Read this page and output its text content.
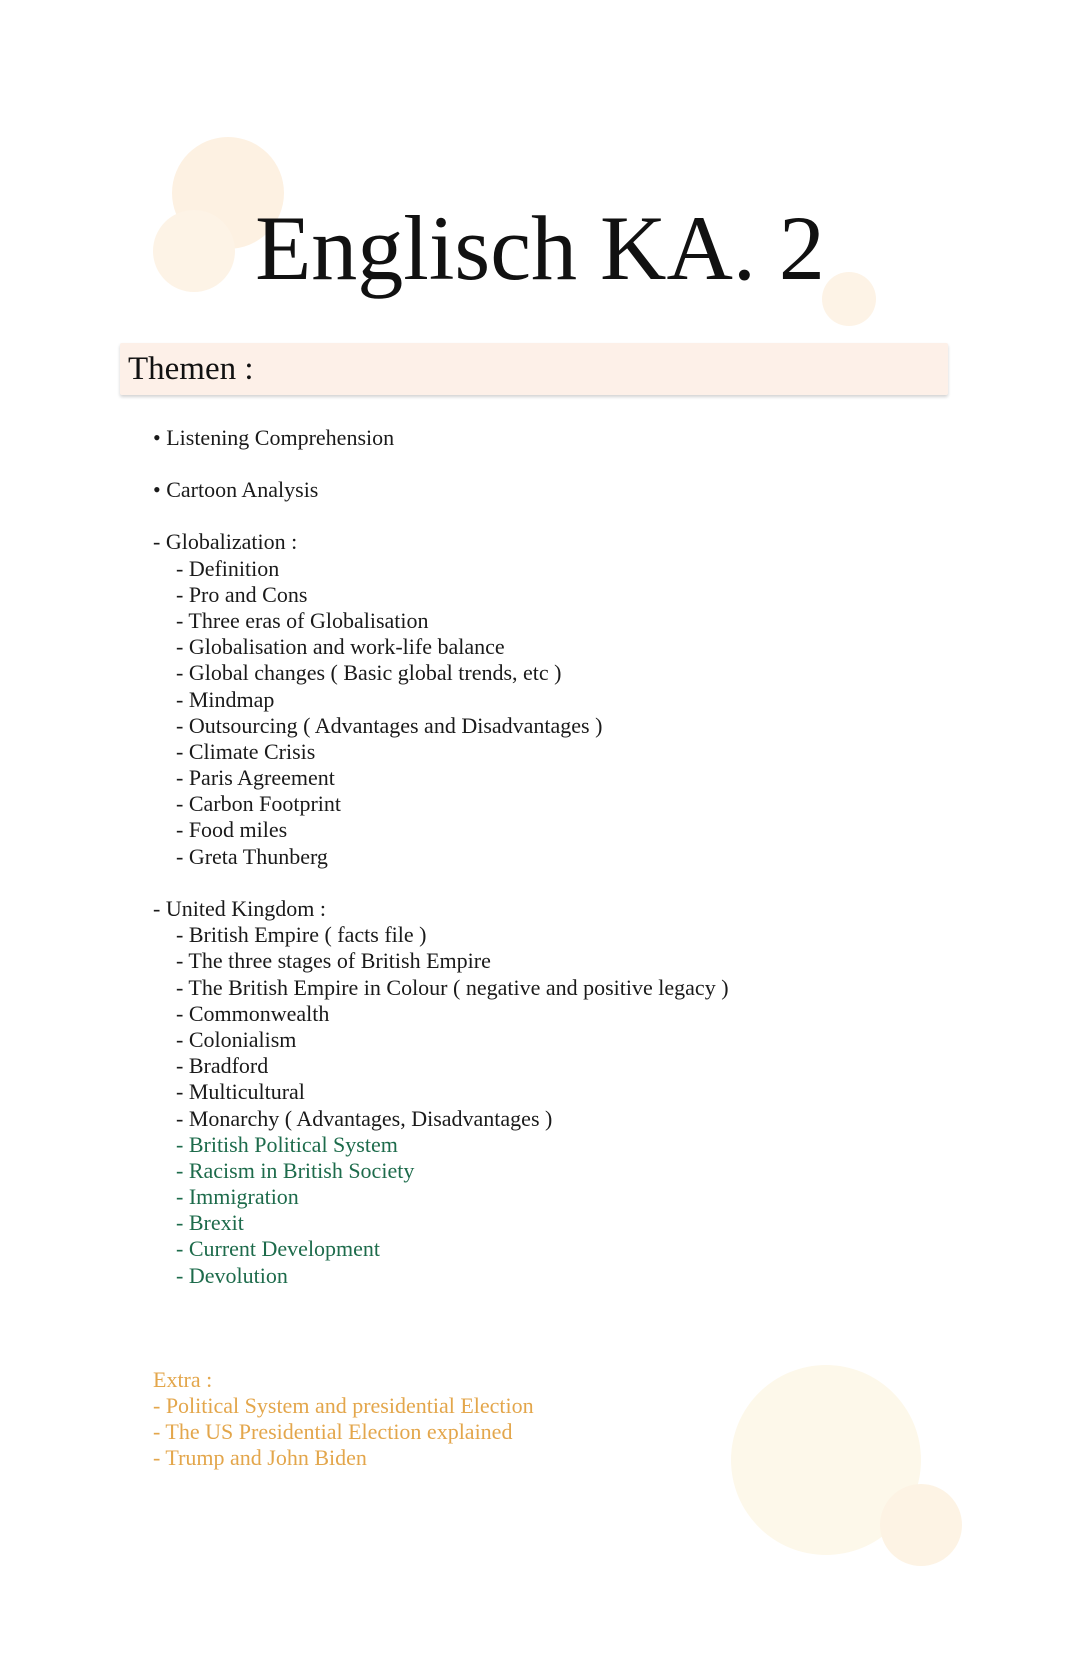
Englisch KA. 2
Themen :
• Listening Comprehension
• Cartoon Analysis
- Globalization :
- Definition
- Pro and Cons
- Three eras of Globalisation
- Globalisation and work-life balance
- Global changes ( Basic global trends, etc )
- Mindmap
- Outsourcing ( Advantages and Disadvantages )
- Climate Crisis
- Paris Agreement
- Carbon Footprint
- Food miles
- Greta Thunberg
- United Kingdom :
- British Empire ( facts file )
- The three stages of British Empire
- The British Empire in Colour ( negative and positive legacy )
- Commonwealth
- Colonialism
- Bradford
- Multicultural
- Monarchy ( Advantages, Disadvantages )
- British Political System
- Racism in British Society
- Immigration
- Brexit
- Current Development
- Devolution
Extra :
- Political System and presidential Election
- The US Presidential Election explained
- Trump and John Biden
